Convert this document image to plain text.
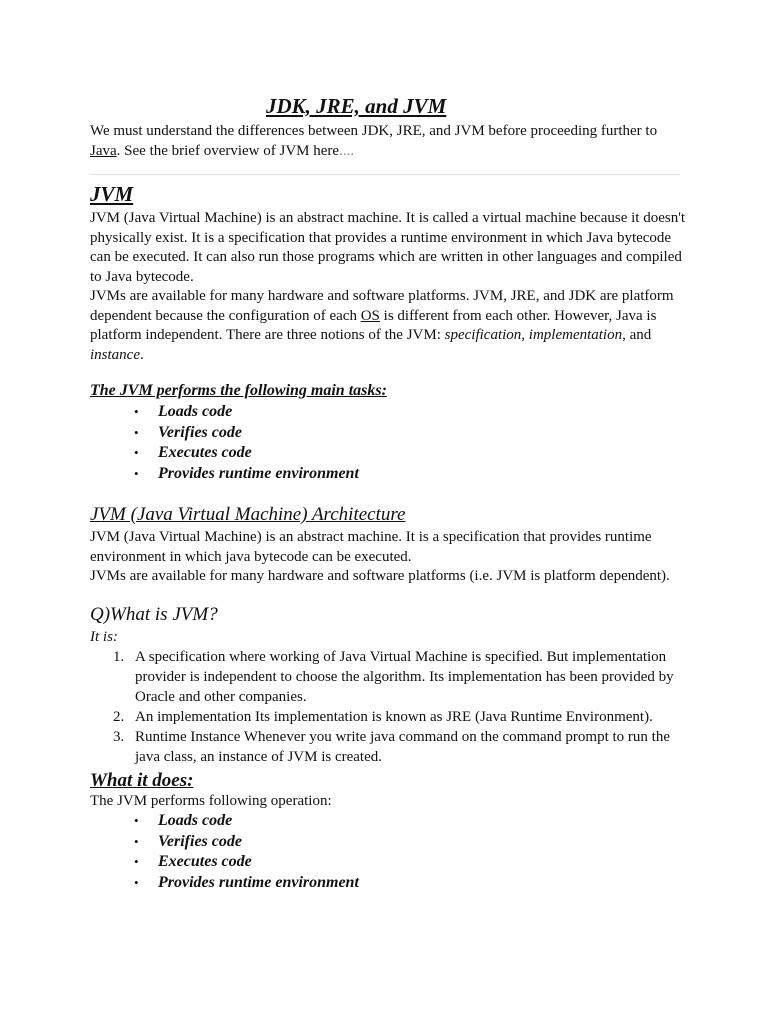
JDK, JRE, and JVM

We must understand the differences between JDK, JRE, and JVM before proceeding further to Java. See the brief overview of JVM here....

JVM

JVM (Java Virtual Machine) is an abstract machine. It is called a virtual machine because it doesn't physically exist. It is a specification that provides a runtime environment in which Java bytecode can be executed. It can also run those programs which are written in other languages and compiled to Java bytecode.

JVMs are available for many hardware and software platforms. JVM, JRE, and JDK are platform dependent because the configuration of each OS is different from each other. However, Java is platform independent. There are three notions of the JVM: specification, implementation, and instance.

The JVM performs the following main tasks:
• Loads code
• Verifies code
• Executes code
• Provides runtime environment
JVM (Java Virtual Machine) Architecture

JVM (Java Virtual Machine) is an abstract machine. It is a specification that provides runtime environment in which java bytecode can be executed.

JVMs are available for many hardware and software platforms (i.e. JVM is platform dependent).

Q)What is JVM?

It is:

1. A specification where working of Java Virtual Machine is specified. But implementation provider is independent to choose the algorithm. Its implementation has been provided by Oracle and other companies.
2. An implementation Its implementation is known as JRE (Java Runtime Environment).
3. Runtime Instance Whenever you write java command on the command prompt to run the java class, an instance of JVM is created.
What it does:

The JVM performs following operation:

• Loads code
• Verifies code
• Executes code
• Provides runtime environment
